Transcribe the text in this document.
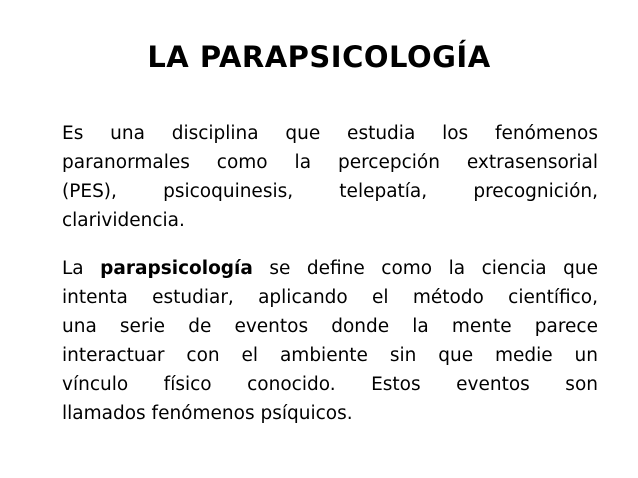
LA PARAPSICOLOGÍA

Es una disciplina que estudia los fenómenos
paranormales como la percepción extrasensorial
(PES), psicoquinesis, telepatía, precognición,
clarividencia.

La parapsicología se define como la ciencia que
intenta estudiar, aplicando el método científico,
una serie de eventos donde la mente parece
interactuar con el ambiente sin que medie un
vínculo físico conocido. Estos eventos son
llamados fenómenos psíquicos.
